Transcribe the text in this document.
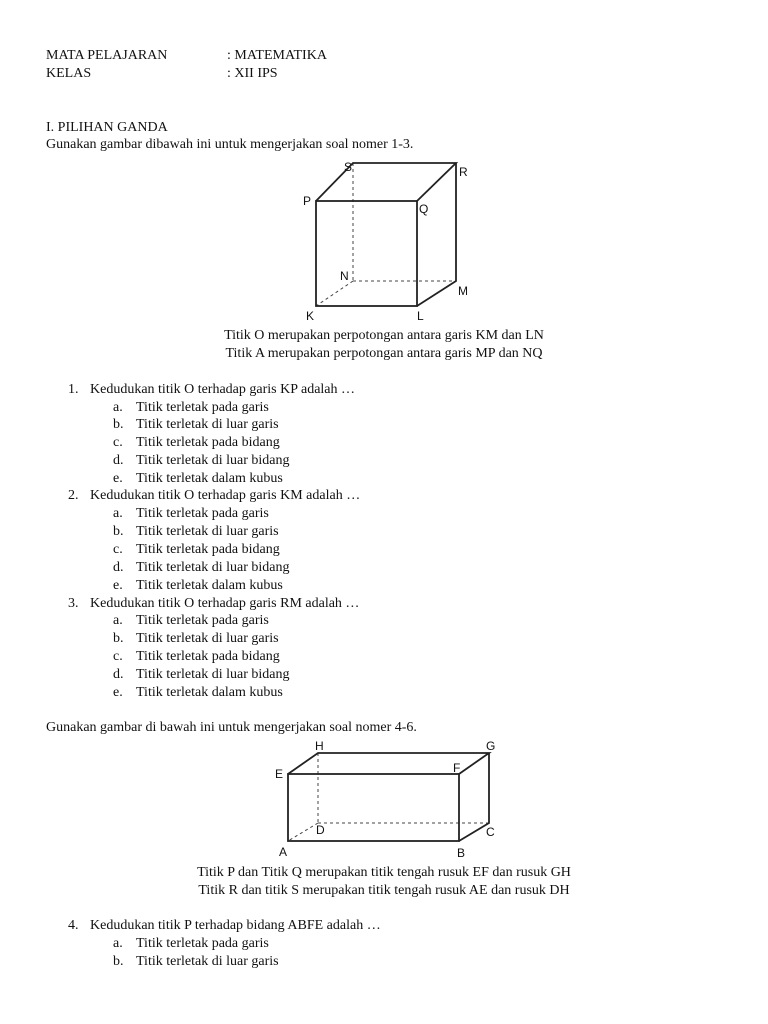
MATA PELAJARAN	: MATEMATIKA
KELAS	: XII IPS
I. PILIHAN GANDA
Gunakan gambar dibawah ini untuk mengerjakan soal nomer 1-3.
S	R
P
Q
N
M
K	L
Titik O merupakan perpotongan antara garis KM dan LN
Titik A merupakan perpotongan antara garis MP dan NQ
1. Kedudukan titik O terhadap garis KP adalah …
a. Titik terletak pada garis
b. Titik terletak di luar garis
c. Titik terletak pada bidang
d. Titik terletak di luar bidang
e. Titik terletak dalam kubus
2. Kedudukan titik O terhadap garis KM adalah …
a. Titik terletak pada garis
b. Titik terletak di luar garis
c. Titik terletak pada bidang
d. Titik terletak di luar bidang
e. Titik terletak dalam kubus
3. Kedudukan titik O terhadap garis RM adalah …
a. Titik terletak pada garis
b. Titik terletak di luar garis
c. Titik terletak pada bidang
d. Titik terletak di luar bidang
e. Titik terletak dalam kubus
Gunakan gambar di bawah ini untuk mengerjakan soal nomer 4-6.
H	G
E	F
D	C
A	B
Titik P dan Titik Q merupakan titik tengah rusuk EF dan rusuk GH
Titik R dan titik S merupakan titik tengah rusuk AE dan rusuk DH
4. Kedudukan titik P terhadap bidang ABFE adalah …
a. Titik terletak pada garis
b. Titik terletak di luar garis
